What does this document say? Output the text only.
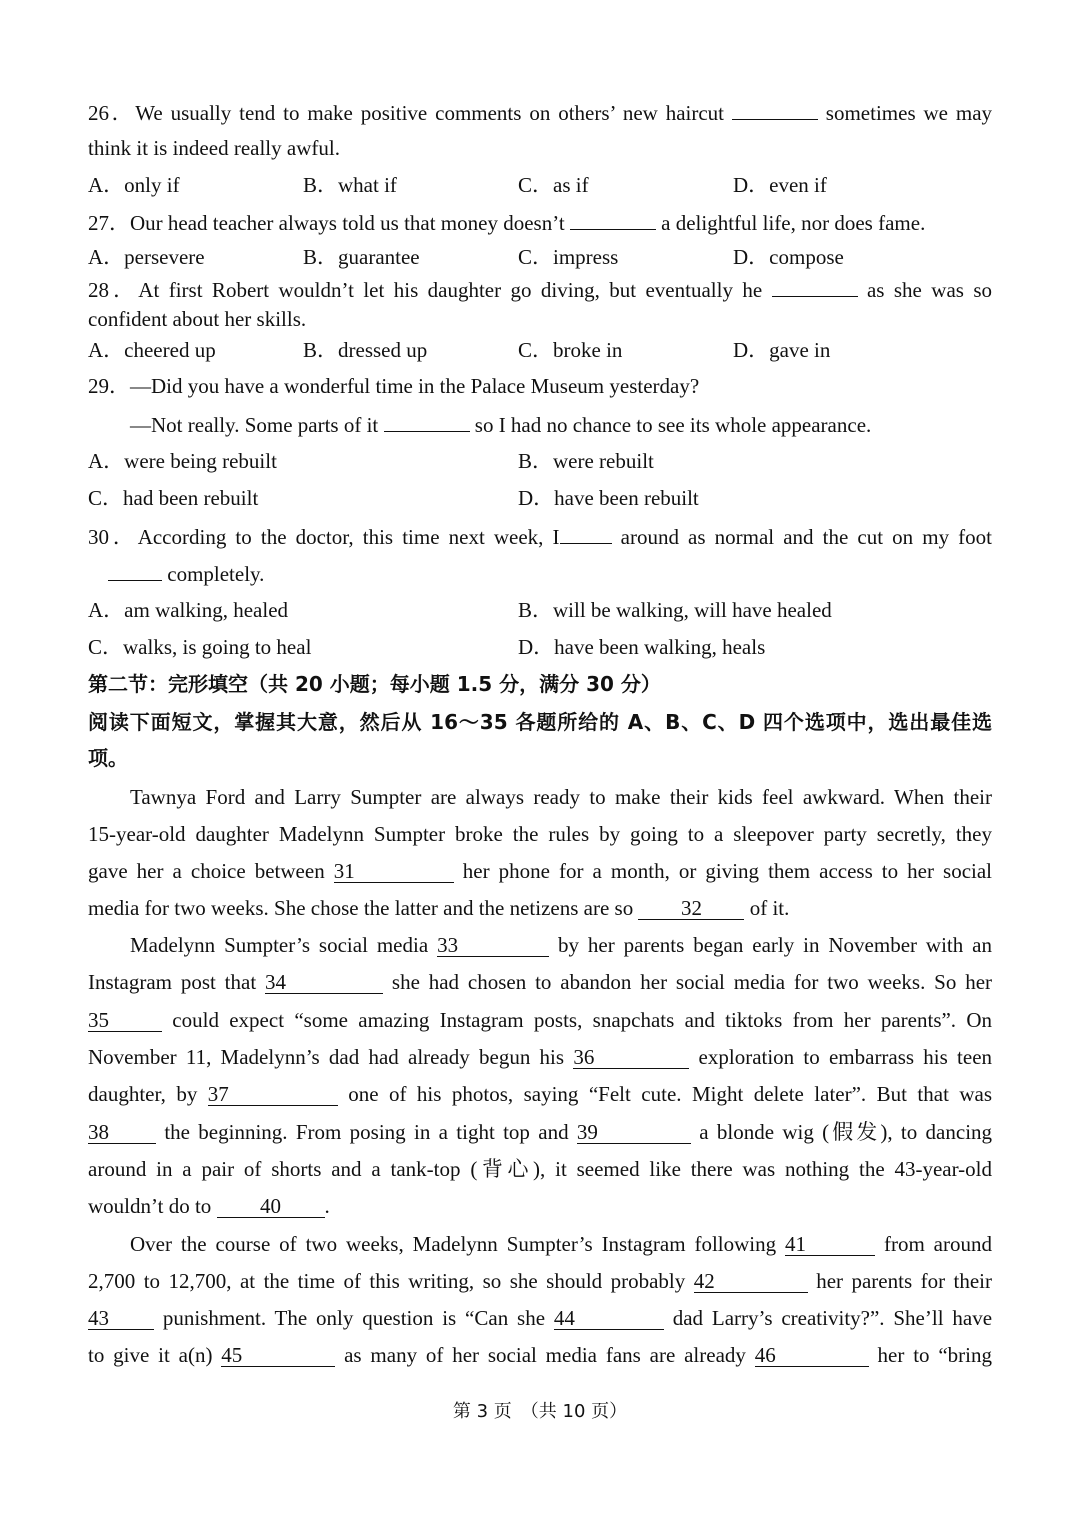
26．We usually tend to make positive comments on others’ new haircut	sometimes we may
think it is indeed really awful.
A．only if	B．what if	C．as if	D．even if
27．Our head teacher always told us that money doesn’t	a delightful life, nor does fame.
A．persevere	B．guarantee	C．impress	D．compose
28．At first Robert wouldn’t let his daughter go diving, but eventually he	as she was so
confident about her skills.
A．cheered up	B．dressed up	C．broke in	D．gave in
29．—Did you have a wonderful time in the Palace Museum yesterday?
—Not really. Some parts of it	so I had no chance to see its whole appearance.
A．were being rebuilt	B．were rebuilt
C．had been rebuilt	D．have been rebuilt
30．According to the doctor, this time next week, I	around as normal and the cut on my foot
completely.
A．am walking, healed	B．will be walking, will have healed
C．walks, is going to heal	D．have been walking, heals
第二节：完形填空（共 20 小题；每小题 1.5 分，满分 30 分）
阅读下面短文，掌握其大意，然后从 16～35 各题所给的 A、B、C、D 四个选项中，选出最佳选
项。
Tawnya Ford and Larry Sumpter are always ready to make their kids feel awkward. When their
15-year-old daughter Madelynn Sumpter broke the rules by going to a sleepover party secretly, they
gave her a choice between 31	her phone for a month, or giving them access to her social
media for two weeks. She chose the latter and the netizens are so 32 of it.
Madelynn Sumpter’s social media 33	by her parents began early in November with an
Instagram post that 34	she had chosen to abandon her social media for two weeks. So her
35	could expect “some amazing Instagram posts, snapchats and tiktoks from her parents”. On
November 11, Madelynn’s dad had already begun his 36	exploration to embarrass his teen
daughter, by 37	one of his photos, saying “Felt cute. Might delete later”. But that was
38	the beginning. From posing in a tight top and 39	a blonde wig (假发), to dancing
around in a pair of shorts and a tank-top (背心), it seemed like there was nothing the 43-year-old
wouldn’t do to 40 .
Over the course of two weeks, Madelynn Sumpter’s Instagram following 41	from around
2,700 to 12,700, at the time of this writing, so she should probably 42	her parents for their
43	punishment. The only question is “Can she 44	dad Larry’s creativity?”. She’ll have
to give it a(n) 45	as many of her social media fans are already 46	her to “bring
第 3 页　（共 10 页）
